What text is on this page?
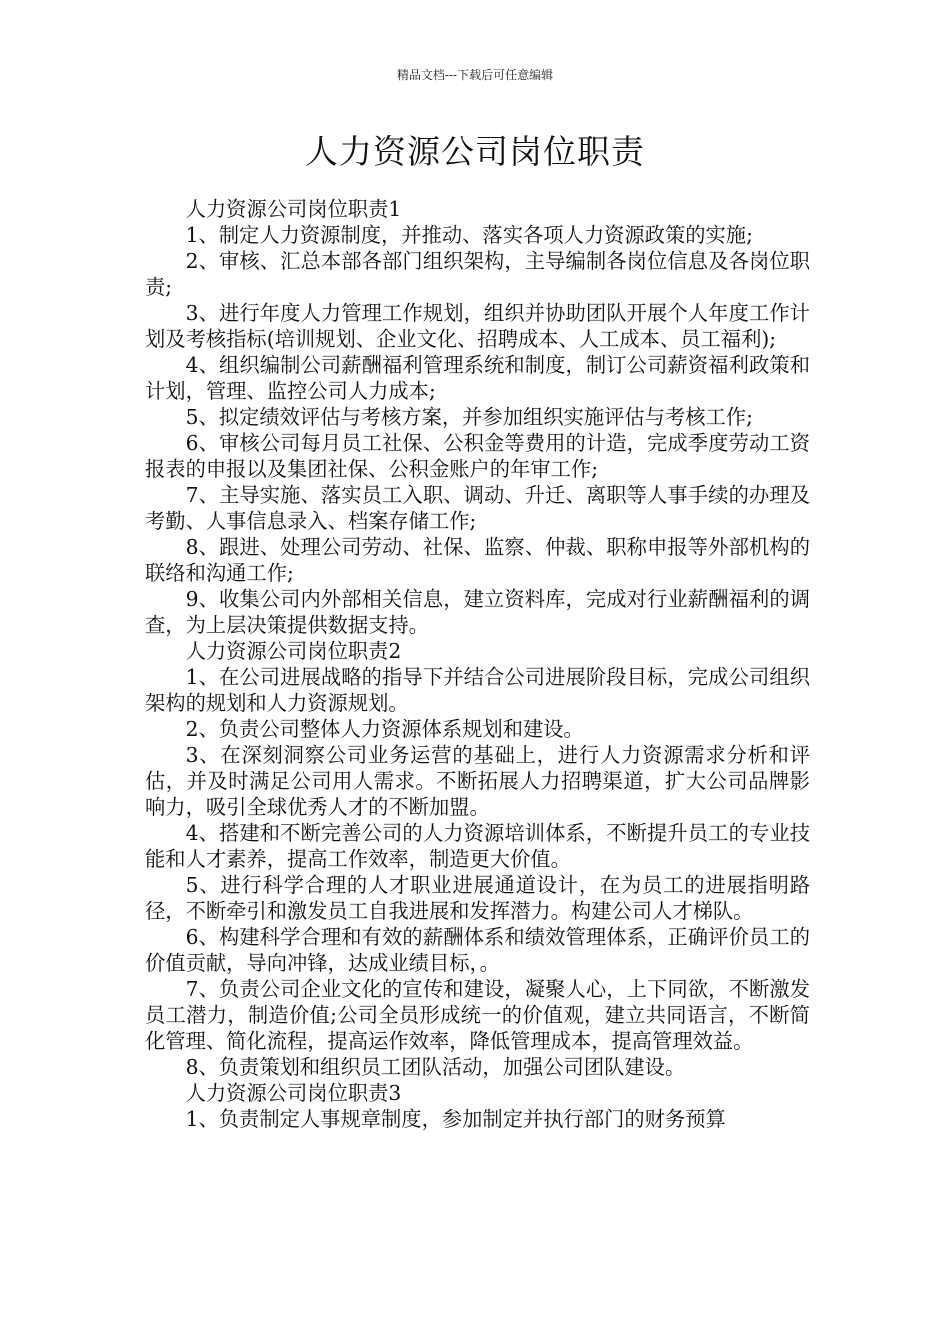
精品文档---下载后可任意编辑
人力资源公司岗位职责

人力资源公司岗位职责1

1、制定人力资源制度，并推动、落实各项人力资源政策的实施;

2、审核、汇总本部各部门组织架构，主导编制各岗位信息及各岗位职责;

3、进行年度人力管理工作规划，组织并协助团队开展个人年度工作计划及考核指标(培训规划、企业文化、招聘成本、人工成本、员工福利);

4、组织编制公司薪酬福利管理系统和制度，制订公司薪资福利政策和计划，管理、监控公司人力成本;

5、拟定绩效评估与考核方案，并参加组织实施评估与考核工作;

6、审核公司每月员工社保、公积金等费用的计造，完成季度劳动工资报表的申报以及集团社保、公积金账户的年审工作;

7、主导实施、落实员工入职、调动、升迁、离职等人事手续的办理及考勤、人事信息录入、档案存储工作;

8、跟进、处理公司劳动、社保、监察、仲裁、职称申报等外部机构的联络和沟通工作;

9、收集公司内外部相关信息，建立资料库，完成对行业薪酬福利的调查，为上层决策提供数据支持。

人力资源公司岗位职责2

1、在公司进展战略的指导下并结合公司进展阶段目标，完成公司组织架构的规划和人力资源规划。

2、负责公司整体人力资源体系规划和建设。

3、在深刻洞察公司业务运营的基础上，进行人力资源需求分析和评估，并及时满足公司用人需求。不断拓展人力招聘渠道，扩大公司品牌影响力，吸引全球优秀人才的不断加盟。

4、搭建和不断完善公司的人力资源培训体系，不断提升员工的专业技能和人才素养，提高工作效率，制造更大价值。

5、进行科学合理的人才职业进展通道设计，在为员工的进展指明路径，不断牵引和激发员工自我进展和发挥潜力。构建公司人才梯队。

6、构建科学合理和有效的薪酬体系和绩效管理体系，正确评价员工的价值贡献，导向冲锋，达成业绩目标，。

7、负责公司企业文化的宣传和建设，凝聚人心，上下同欲，不断激发员工潜力，制造价值;公司全员形成统一的价值观，建立共同语言，不断简化管理、简化流程，提高运作效率，降低管理成本，提高管理效益。

8、负责策划和组织员工团队活动，加强公司团队建设。

人力资源公司岗位职责3

1、负责制定人事规章制度，参加制定并执行部门的财务预算
